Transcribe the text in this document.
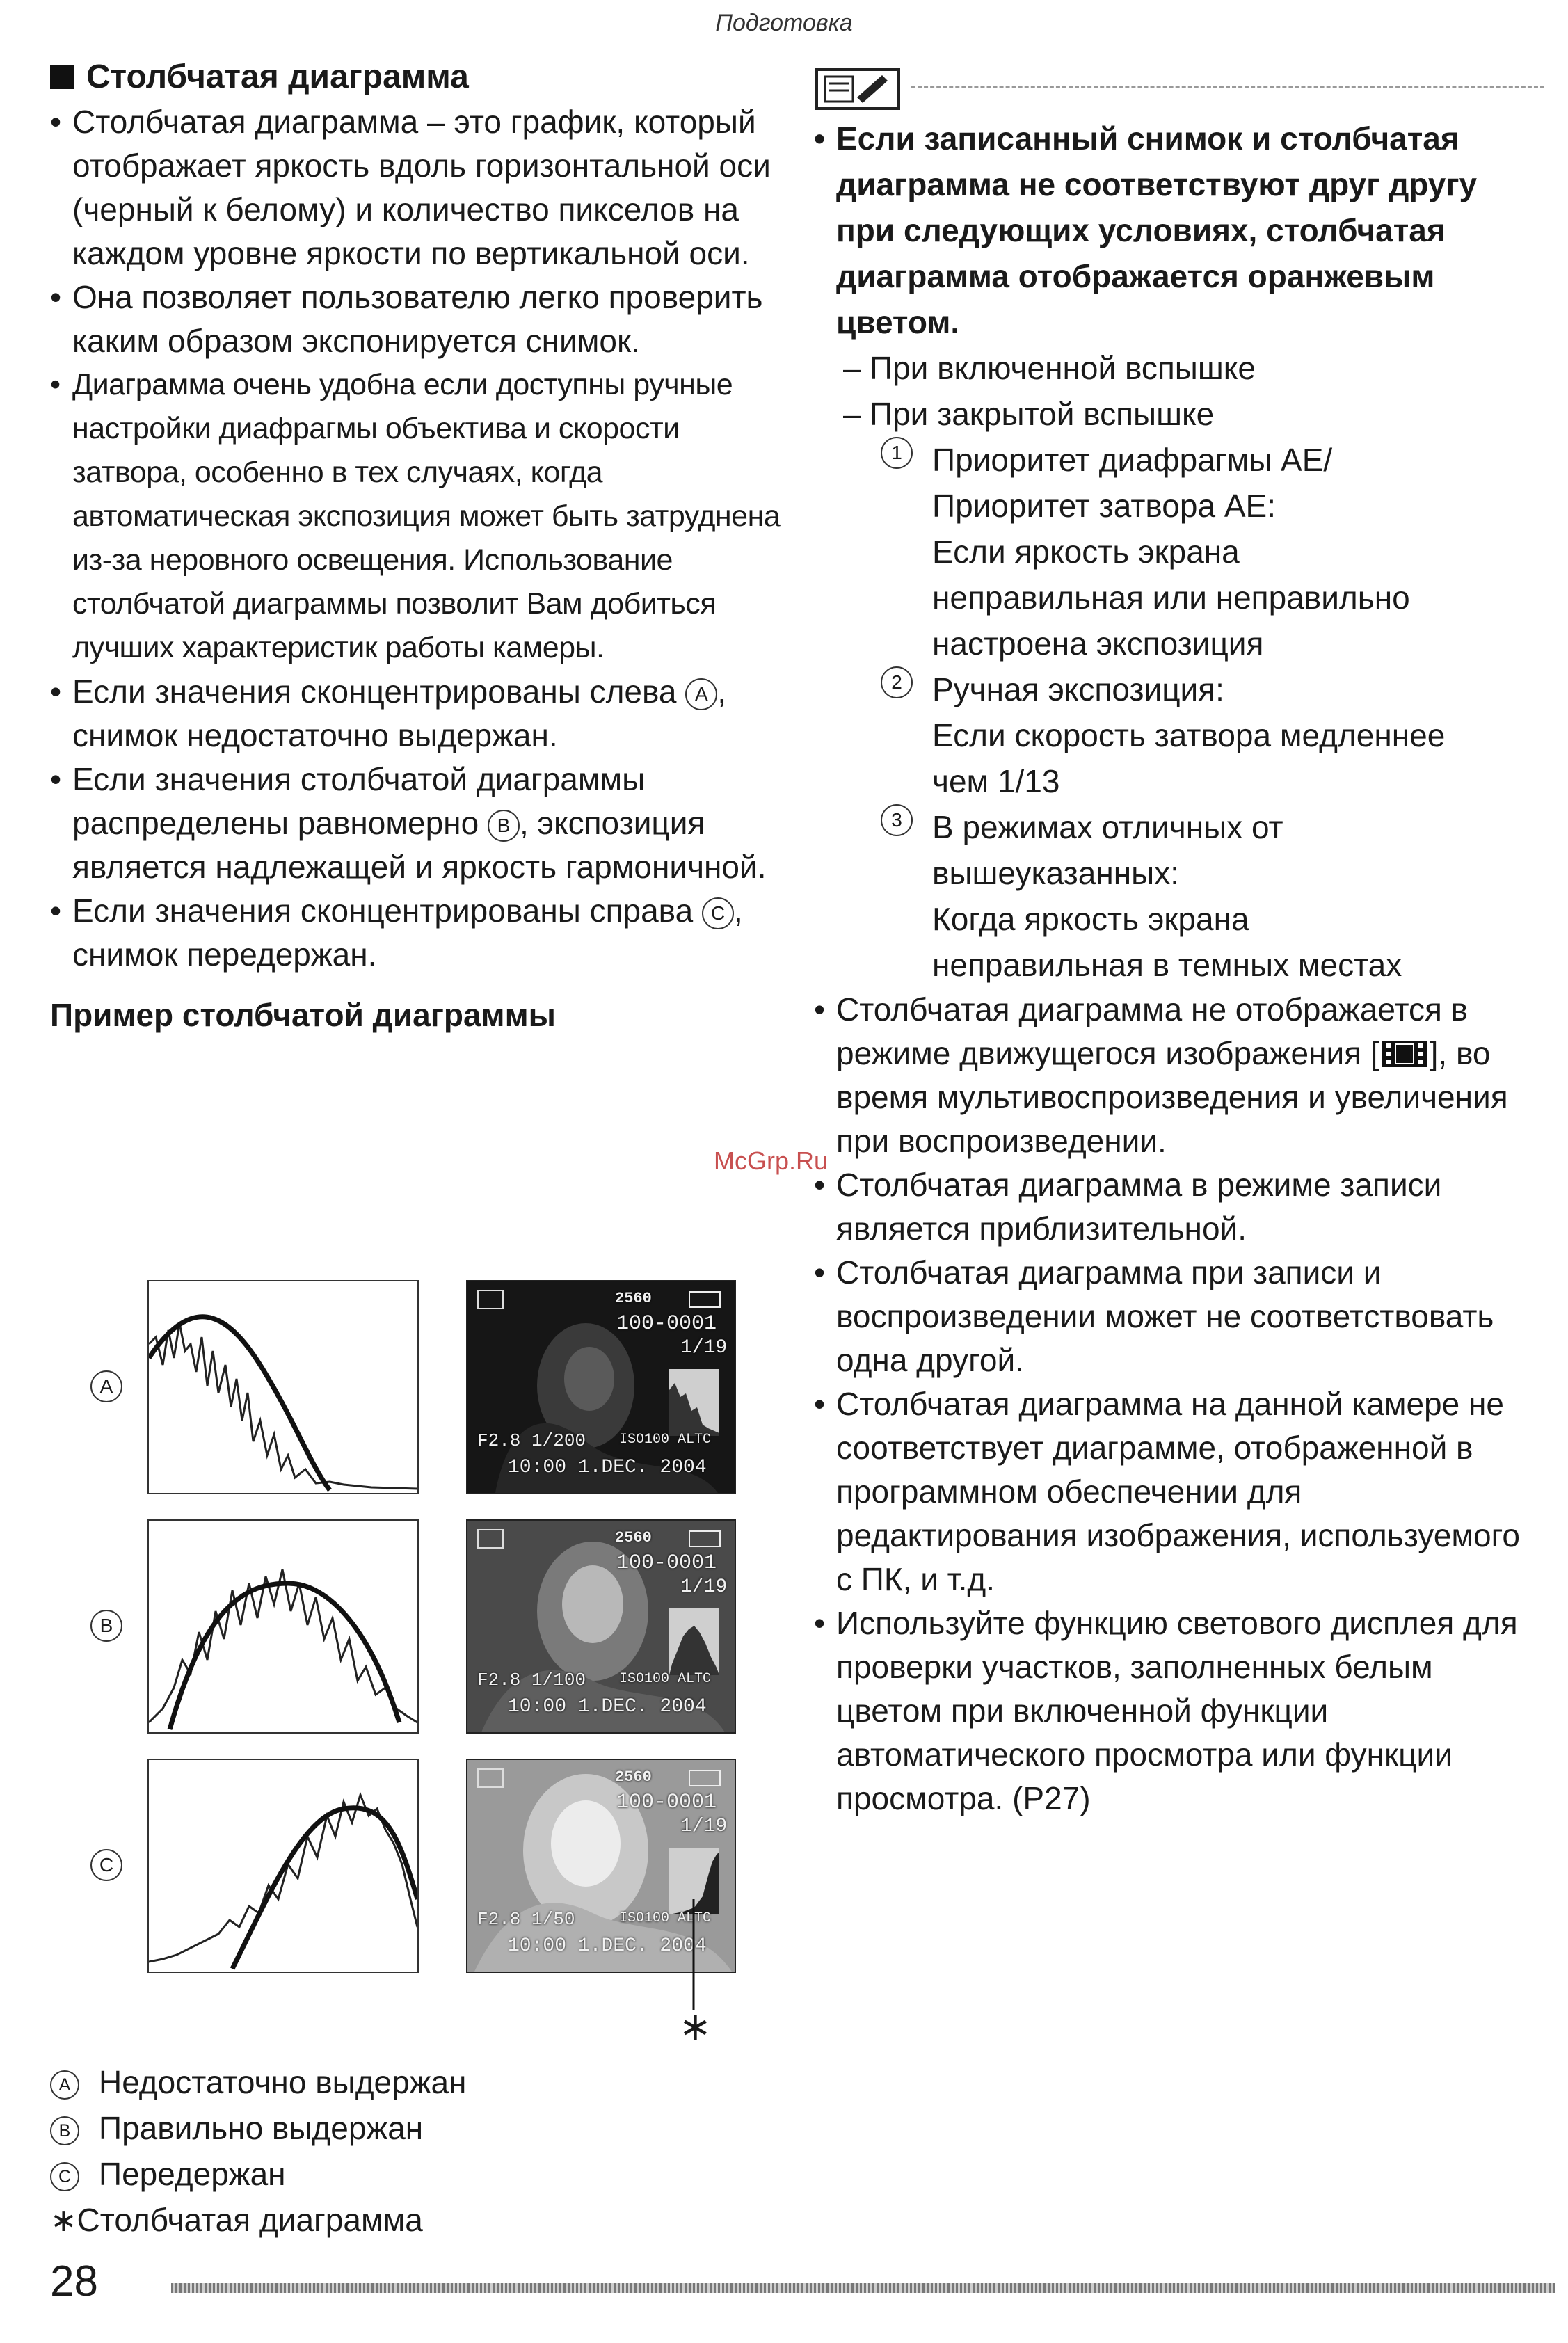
Подготовка

Столбчатая диаграмма

• Столбчатая диаграмма – это график, который отображает яркость вдоль горизонтальной оси (черный к белому) и количество пикселов на каждом уровне яркости по вертикальной оси.

• Она позволяет пользователю легко проверить каким образом экспонируется снимок.

• Диаграмма очень удобна если доступны ручные настройки диафрагмы объектива и скорости затвора, особенно в тех случаях, когда автоматическая экспозиция может быть затруднена из-за неровного освещения. Использование столбчатой диаграммы позволит Вам добиться лучших характеристик работы камеры.

• Если значения сконцентрированы слева A , снимок недостаточно выдержан.

• Если значения столбчатой диаграммы распределены равномерно B , экспозиция является надлежащей и яркость гармоничной.

• Если значения сконцентрированы справа C , снимок передержан.

Пример столбчатой диаграммы

A
2560
100-0001
1/19
F2.8 1/200 ISO100 ALTC
10:00 1.DEC. 2004
B
2560
100-0001
1/19
F2.8 1/100 ISO100 ALTC
10:00 1.DEC. 2004
C
2560
100-0001
1/19
F2.8 1/50	ISO100 ALTC
10:00 1.DEC. 2004
∗

A Недостаточно выдержан

B Правильно выдержан

C Передержан

∗Столбчатая диаграмма

• Если записанный снимок и столбчатая диаграмма не соответствуют друг другу при следующих условиях, столбчатая диаграмма отображается оранжевым цветом.

– При включенной вспышке

– При закрытой вспышке

1 Приоритет диафрагмы AE/
Приоритет затвора AE:
Если яркость экрана
неправильная или неправильно
настроена экспозиция
2 Ручная экспозиция:
Если скорость затвора медленнее
чем 1/13
3 В режимах отличных от
вышеуказанных:
Когда яркость экрана
неправильная в темных местах

• Столбчатая диаграмма не отображается в режиме движущегося изображения [ ], во время мультивоспроизведения и увеличения при воспроизведении.

• Столбчатая диаграмма в режиме записи является приблизительной.

• Столбчатая диаграмма при записи и воспроизведении может не соответствовать одна другой.

• Столбчатая диаграмма на данной камере не соответствует диаграмме, отображенной в программном обеспечении для редактирования изображения, используемого с ПК, и т.д.

• Используйте функцию светового дисплея для проверки участков, заполненных белым цветом при включенной функции автоматического просмотра или функции просмотра. (P27)

McGrp.Ru
28
